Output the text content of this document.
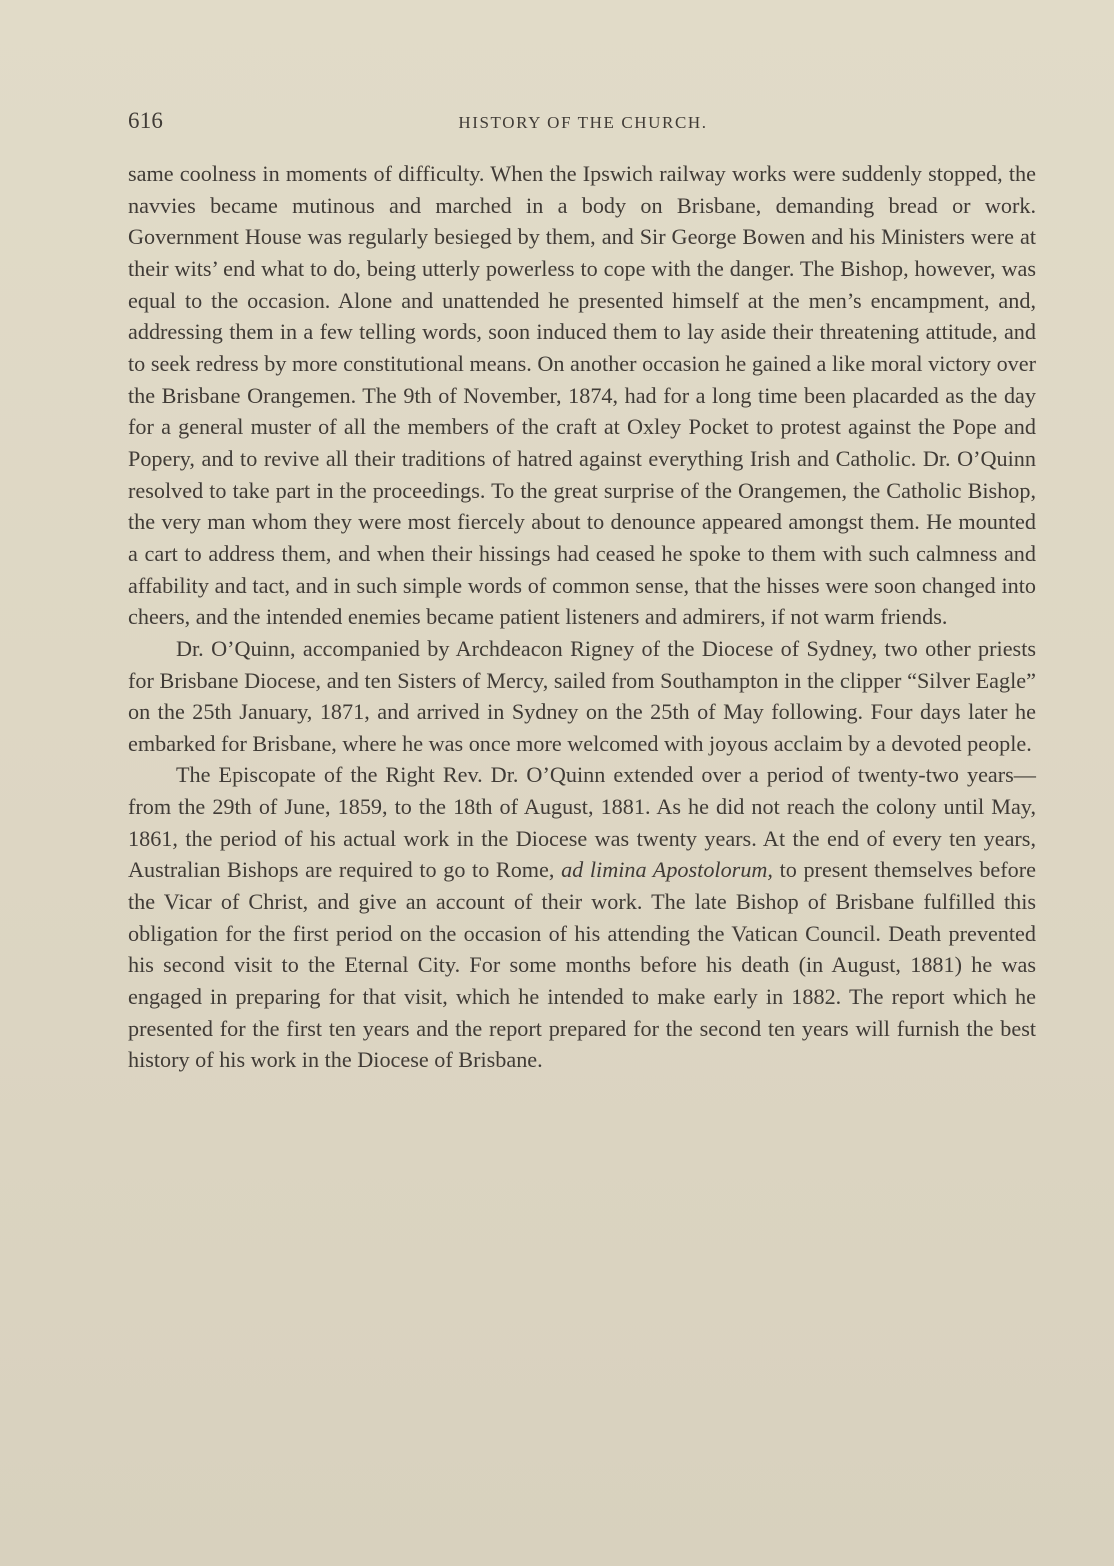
616	HISTORY OF THE CHURCH.

same coolness in moments of difficulty. When the Ipswich railway works were suddenly stopped, the navvies became mutinous and marched in a body on Brisbane, demanding bread or work. Government House was regularly besieged by them, and Sir George Bowen and his Ministers were at their wits’ end what to do, being utterly powerless to cope with the danger. The Bishop, however, was equal to the occasion. Alone and unattended he presented himself at the men’s encampment, and, addressing them in a few telling words, soon induced them to lay aside their threatening attitude, and to seek redress by more constitutional means. On another occasion he gained a like moral victory over the Brisbane Orangemen. The 9th of November, 1874, had for a long time been placarded as the day for a general muster of all the members of the craft at Oxley Pocket to protest against the Pope and Popery, and to revive all their traditions of hatred against everything Irish and Catholic. Dr. O’Quinn resolved to take part in the proceedings. To the great surprise of the Orangemen, the Catholic Bishop, the very man whom they were most fiercely about to denounce appeared amongst them. He mounted a cart to address them, and when their hissings had ceased he spoke to them with such calmness and affability and tact, and in such simple words of common sense, that the hisses were soon changed into cheers, and the intended enemies became patient listeners and admirers, if not warm friends.

Dr. O’Quinn, accompanied by Archdeacon Rigney of the Diocese of Sydney, two other priests for Brisbane Diocese, and ten Sisters of Mercy, sailed from Southampton in the clipper “Silver Eagle” on the 25th January, 1871, and arrived in Sydney on the 25th of May following. Four days later he embarked for Brisbane, where he was once more welcomed with joyous acclaim by a devoted people.

The Episcopate of the Right Rev. Dr. O’Quinn extended over a period of twenty-two years—from the 29th of June, 1859, to the 18th of August, 1881. As he did not reach the colony until May, 1861, the period of his actual work in the Diocese was twenty years. At the end of every ten years, Australian Bishops are required to go to Rome, ad limina Apostolorum, to present themselves before the Vicar of Christ, and give an account of their work. The late Bishop of Brisbane fulfilled this obligation for the first period on the occasion of his attending the Vatican Council. Death prevented his second visit to the Eternal City. For some months before his death (in August, 1881) he was engaged in preparing for that visit, which he intended to make early in 1882. The report which he presented for the first ten years and the report prepared for the second ten years will furnish the best history of his work in the Diocese of Brisbane.
